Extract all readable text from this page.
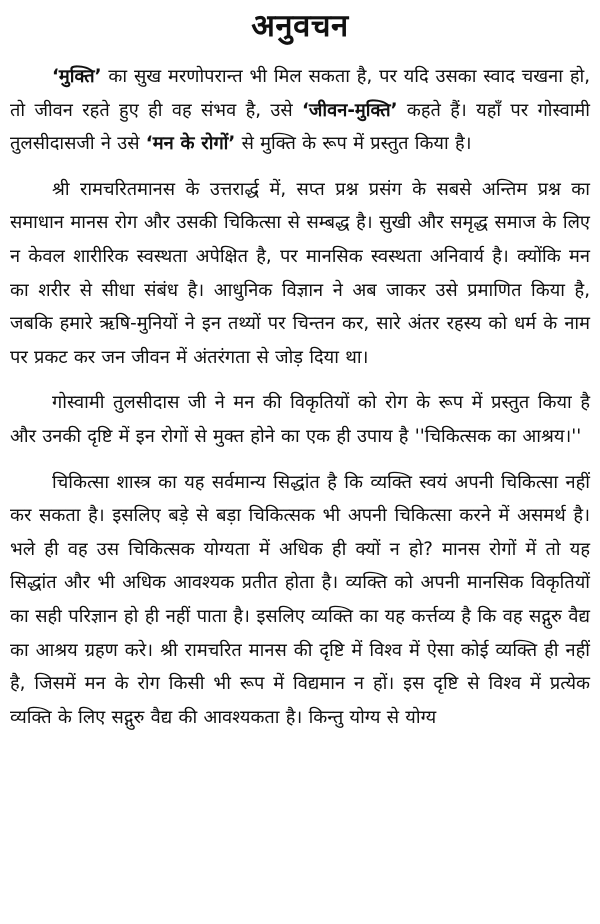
अनुवचन

‘मुक्ति’ का सुख मरणोपरान्त भी मिल सकता है, पर यदि उसका स्वाद चखना हो, तो जीवन रहते हुए ही वह संभव है, उसे ‘जीवन-मुक्ति’ कहते हैं। यहाँ पर गोस्वामी तुलसीदासजी ने उसे ‘मन के रोगों’ से मुक्ति के रूप में प्रस्तुत किया है।

श्री रामचरितमानस के उत्तरार्द्ध में, सप्त प्रश्न प्रसंग के सबसे अन्तिम प्रश्न का समाधान मानस रोग और उसकी चिकित्सा से सम्बद्ध है। सुखी और समृद्ध समाज के लिए न केवल शारीरिक स्वस्थता अपेक्षित है, पर मानसिक स्वस्थता अनिवार्य है। क्योंकि मन का शरीर से सीधा संबंध है। आधुनिक विज्ञान ने अब जाकर उसे प्रमाणित किया है, जबकि हमारे ऋषि-मुनियों ने इन तथ्यों पर चिन्तन कर, सारे अंतर रहस्य को धर्म के नाम पर प्रकट कर जन जीवन में अंतरंगता से जोड़ दिया था।

गोस्वामी तुलसीदास जी ने मन की विकृतियों को रोग के रूप में प्रस्तुत किया है और उनकी दृष्टि में इन रोगों से मुक्त होने का एक ही उपाय है ''चिकित्सक का आश्रय।''

चिकित्सा शास्त्र का यह सर्वमान्य सिद्धांत है कि व्यक्ति स्वयं अपनी चिकित्सा नहीं कर सकता है। इसलिए बड़े से बड़ा चिकित्सक भी अपनी चिकित्सा करने में असमर्थ है। भले ही वह उस चिकित्सक योग्यता में अधिक ही क्यों न हो? मानस रोगों में तो यह सिद्धांत और भी अधिक आवश्यक प्रतीत होता है। व्यक्ति को अपनी मानसिक विकृतियों का सही परिज्ञान हो ही नहीं पाता है। इसलिए व्यक्ति का यह कर्त्तव्य है कि वह सद्गुरु वैद्य का आश्रय ग्रहण करे। श्री रामचरित मानस की दृष्टि में विश्व में ऐसा कोई व्यक्ति ही नहीं है, जिसमें मन के रोग किसी भी रूप में विद्यमान न हों। इस दृष्टि से विश्व में प्रत्येक व्यक्ति के लिए सद्गुरु वैद्य की आवश्यकता है। किन्तु योग्य से योग्य
